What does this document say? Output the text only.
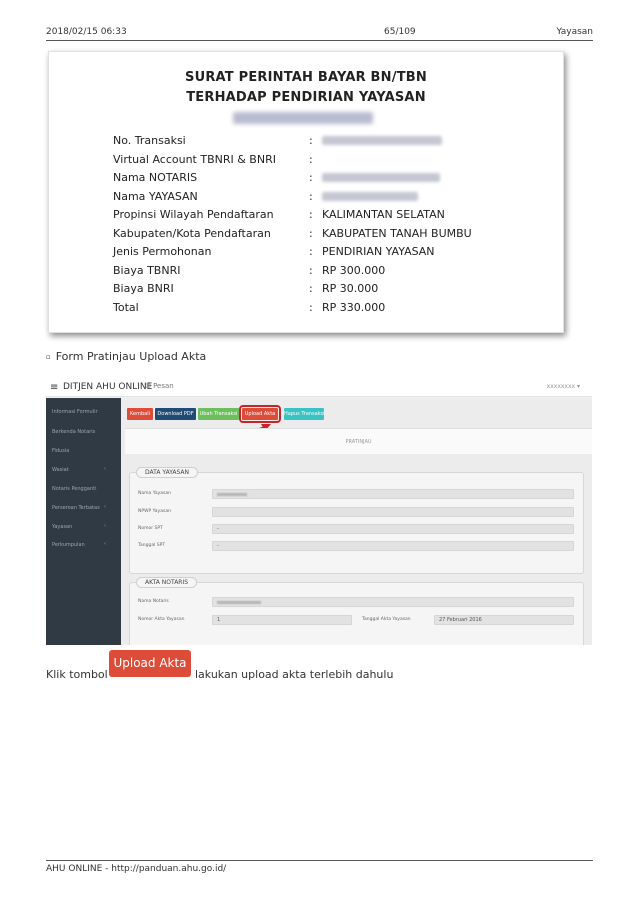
2018/02/15 06:33	65/109	Yayasan
SURAT PERINTAH BAYAR BN/TBN
TERHADAP PENDIRIAN YAYASAN
No. Transaksi	:
Virtual Account TBNRI & BNRI	:
Nama NOTARIS	:
Nama YAYASAN	:
Propinsi Wilayah Pendaftaran	: KALIMANTAN SELATAN
Kabupaten/Kota Pendaftaran	: KABUPATEN TANAH BUMBU
Jenis Permohonan	: PENDIRIAN YAYASAN
Biaya TBNRI	: RP 300.000
Biaya BNRI	: RP 30.000
Total	: RP 330.000
▫ Form Pratinjau Upload Akta
≡ DITJEN AHU ONLINE
✉ Pesan	xxxxxxxx ▾
Informasi Formulir
Berkenda Notaris
Fidusia
Wasiat	‹
Notaris Pengganti
Perseroan Terbatas ‹
Yayasan	‹
Perkumpulan	‹
Kembali	Download PDF	Ubah Transaksi	Upload Akta	Hapus Transaksi
PRATINJAU
DATA YAYASAN
Nama Yayasan
NPWP Yayasan
Nomor SPT	-
Tanggal SPT	-
AKTA NOTARIS
Nama Notaris
Nomor Akta Yayasan	1	Tanggal Akta Yayasan	27 Februari 2016
Klik tombol
Upload Akta
lakukan upload akta terlebih dahulu
AHU ONLINE - http://panduan.ahu.go.id/
